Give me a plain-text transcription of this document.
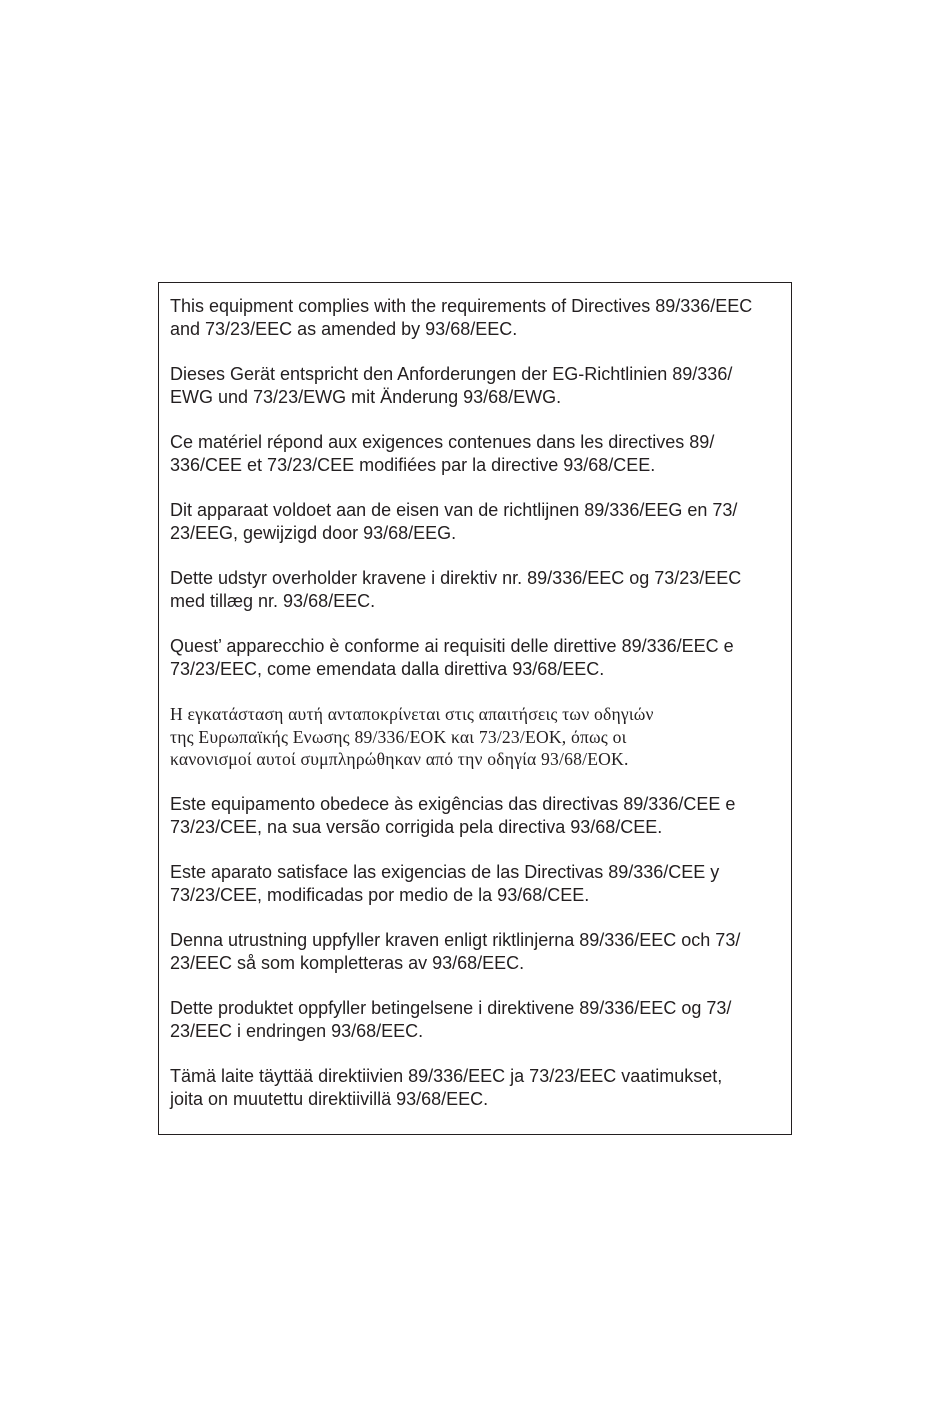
This equipment complies with the requirements of Directives 89/336/EEC
and 73/23/EEC as amended by 93/68/EEC.

Dieses Gerät entspricht den Anforderungen der EG-Richtlinien 89/336/
EWG und 73/23/EWG mit Änderung 93/68/EWG.

Ce matériel répond aux exigences contenues dans les directives 89/
336/CEE et 73/23/CEE modifiées par la directive 93/68/CEE.

Dit apparaat voldoet aan de eisen van de richtlijnen 89/336/EEG en 73/
23/EEG, gewijzigd door 93/68/EEG.

Dette udstyr overholder kravene i direktiv nr. 89/336/EEC og 73/23/EEC
med tillæg nr. 93/68/EEC.

Quest’ apparecchio è conforme ai requisiti delle direttive 89/336/EEC e
73/23/EEC, come emendata dalla direttiva 93/68/EEC.

Η εγκατάσταση αυτή ανταποκρίνεται στις απαιτήσεις των οδηγιών
της Ευρωπαϊκής Ενωσης 89/336/ΕΟΚ και 73/23/ΕΟΚ, όπως οι
κανονισμοί αυτοί συμπληρώθηκαν από την οδηγία 93/68/ΕΟΚ.

Este equipamento obedece às exigências das directivas 89/336/CEE e
73/23/CEE, na sua versão corrigida pela directiva 93/68/CEE.

Este aparato satisface las exigencias de las Directivas 89/336/CEE y
73/23/CEE, modificadas por medio de la 93/68/CEE.

Denna utrustning uppfyller kraven enligt riktlinjerna 89/336/EEC och 73/
23/EEC så som kompletteras av 93/68/EEC.

Dette produktet oppfyller betingelsene i direktivene 89/336/EEC og 73/
23/EEC i endringen 93/68/EEC.

Tämä laite täyttää direktiivien 89/336/EEC ja 73/23/EEC vaatimukset,
joita on muutettu direktiivillä 93/68/EEC.
